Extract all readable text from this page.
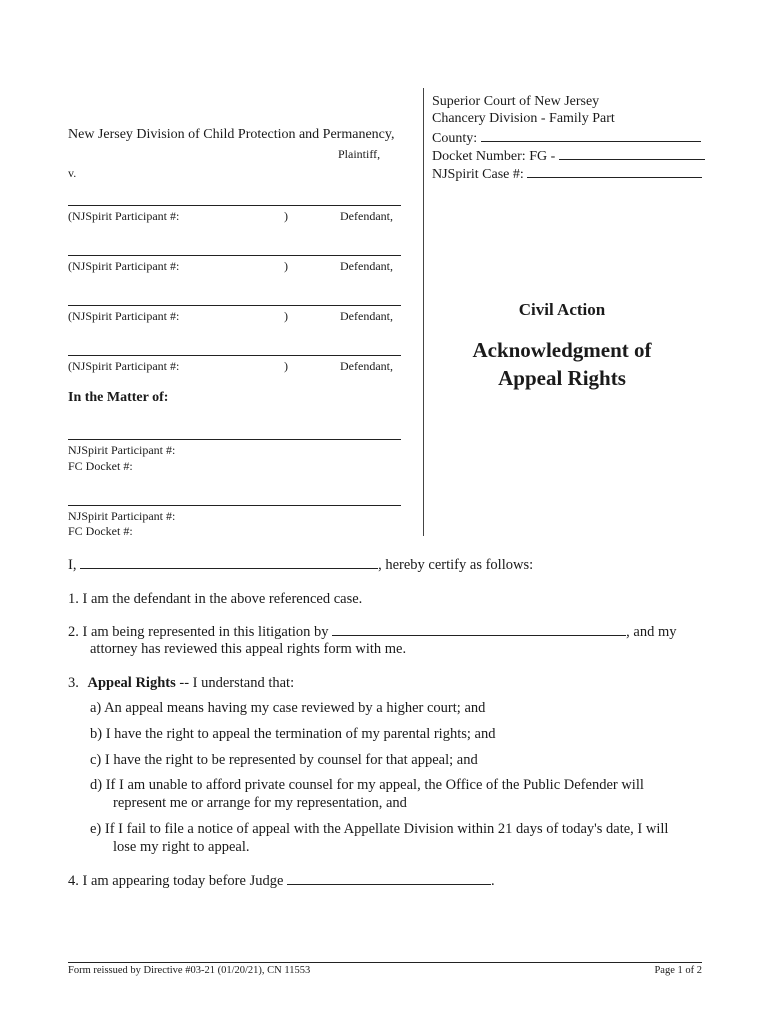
Superior Court of New Jersey
Chancery Division - Family Part
County:
Docket Number: FG -
NJSpirit Case #:
New Jersey Division of Child Protection and Permanency,
Plaintiff,
v.
(NJSpirit Participant #:	)	Defendant,
(NJSpirit Participant #:	)	Defendant,
(NJSpirit Participant #:	)	Defendant,
(NJSpirit Participant #:	)	Defendant,
In the Matter of:
NJSpirit Participant #:
FC Docket #:
NJSpirit Participant #:
FC Docket #:
Civil Action
Acknowledgment of
Appeal Rights
I,	, hereby certify as follows:
1. I am the defendant in the above referenced case.
2. I am being represented in this litigation by	, and my
attorney has reviewed this appeal rights form with me.
3. Appeal Rights -- I understand that:
a) An appeal means having my case reviewed by a higher court; and
b) I have the right to appeal the termination of my parental rights; and
c) I have the right to be represented by counsel for that appeal; and
d) If I am unable to afford private counsel for my appeal, the Office of the Public Defender will
represent me or arrange for my representation, and
e) If I fail to file a notice of appeal with the Appellate Division within 21 days of today's date, I will
lose my right to appeal.
4. I am appearing today before Judge	.
Form reissued by Directive #03-21 (01/20/21), CN 11553	Page 1 of 2
